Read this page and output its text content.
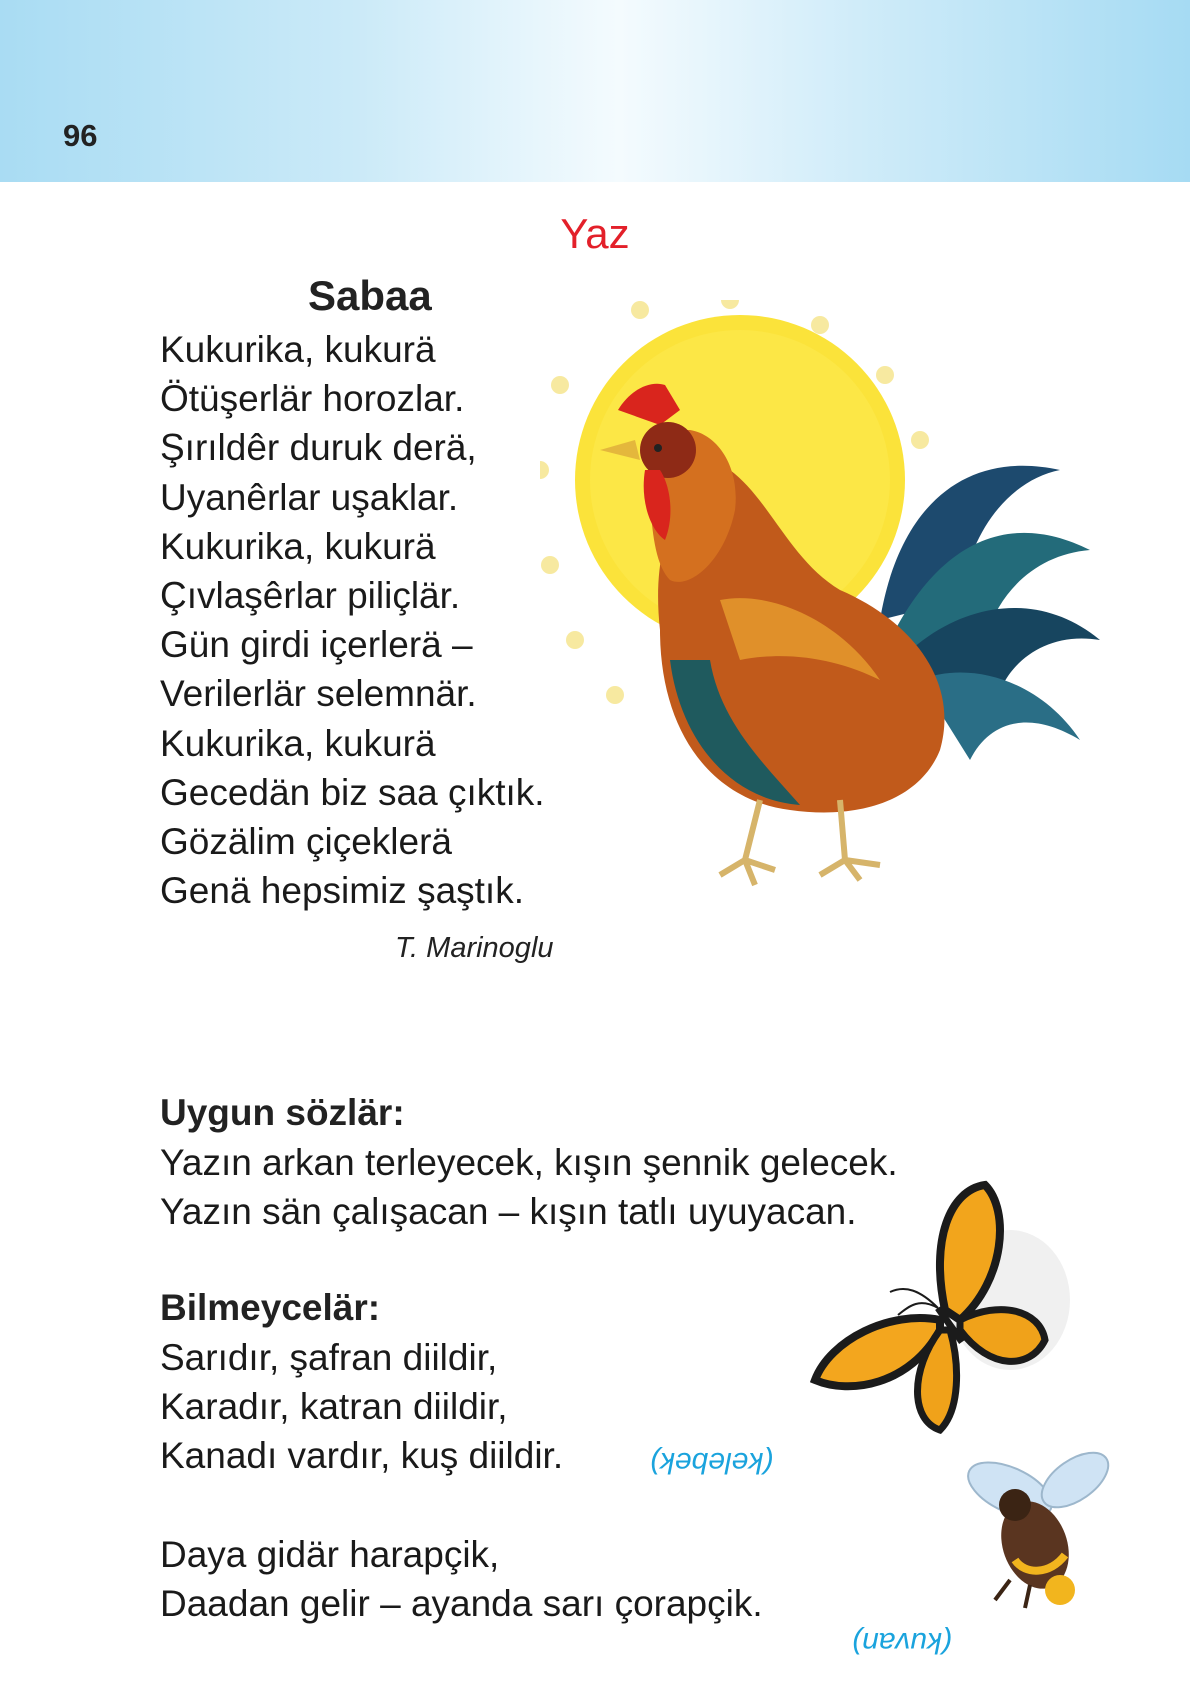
96
Yaz
Sabaa
Kukurika, kukurä
Ötüşerlär horozlar.
Şırıldêr duruk derä,
Uyanêrlar uşaklar.
Kukurika, kukurä
Çıvlaşêrlar piliçlär.
Gün girdi içerlerä –
Verilerlär selemnär.
Kukurika, kukurä
Gecedän biz saa çıktık.
Gözälim çiçeklerä
Genä hepsimiz şaştık.
T. Marinoglu
Uygun sözlär:
Yazın arkan terleyecek, kışın şennik gelecek.
Yazın sän çalışacan – kışın tatlı uyuyacan.
Bilmeycelär:
Sarıdır, şafran diildir,
Karadır, katran diildir,
Kanadı vardır, kuş diildir.	(kelebek)
Daya gidär harapçik,
Daadan gelir – ayanda sarı çorapçik.
(kuvan)
